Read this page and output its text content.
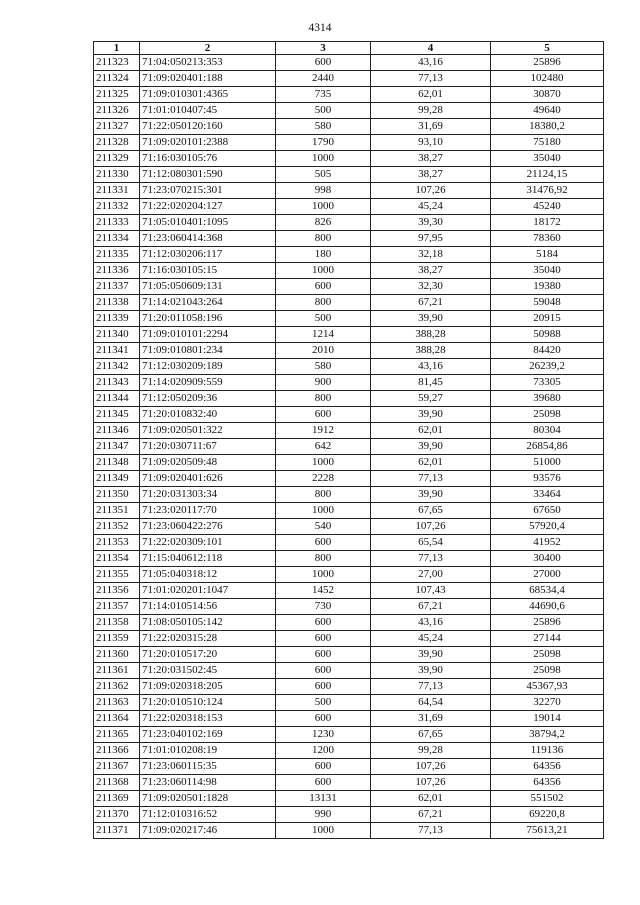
4314
1	2	3	4	5
211323	71:04:050213:353	600	43,16	25896
211324	71:09:020401:188	2440	77,13	102480
211325	71:09:010301:4365	735	62,01	30870
211326	71:01:010407:45	500	99,28	49640
211327	71:22:050120:160	580	31,69	18380,2
211328	71:09:020101:2388	1790	93,10	75180
211329	71:16:030105:76	1000	38,27	35040
211330	71:12:080301:590	505	38,27	21124,15
211331	71:23:070215:301	998	107,26	31476,92
211332	71:22:020204:127	1000	45,24	45240
211333	71:05:010401:1095	826	39,30	18172
211334	71:23:060414:368	800	97,95	78360
211335	71:12:030206:117	180	32,18	5184
211336	71:16:030105:15	1000	38,27	35040
211337	71:05:050609:131	600	32,30	19380
211338	71:14:021043:264	800	67,21	59048
211339	71:20:011058:196	500	39,90	20915
211340	71:09:010101:2294	1214	388,28	50988
211341	71:09:010801:234	2010	388,28	84420
211342	71:12:030209:189	580	43,16	26239,2
211343	71:14:020909:559	900	81,45	73305
211344	71:12:050209:36	800	59,27	39680
211345	71:20:010832:40	600	39,90	25098
211346	71:09:020501:322	1912	62,01	80304
211347	71:20:030711:67	642	39,90	26854,86
211348	71:09:020509:48	1000	62,01	51000
211349	71:09:020401:626	2228	77,13	93576
211350	71:20:031303:34	800	39,90	33464
211351	71:23:020117:70	1000	67,65	67650
211352	71:23:060422:276	540	107,26	57920,4
211353	71:22:020309:101	600	65,54	41952
211354	71:15:040612:118	800	77,13	30400
211355	71:05:040318:12	1000	27,00	27000
211356	71:01:020201:1047	1452	107,43	68534,4
211357	71:14:010514:56	730	67,21	44690,6
211358	71:08:050105:142	600	43,16	25896
211359	71:22:020315:28	600	45,24	27144
211360	71:20:010517:20	600	39,90	25098
211361	71:20:031502:45	600	39,90	25098
211362	71:09:020318:205	600	77,13	45367,93
211363	71:20:010510:124	500	64,54	32270
211364	71:22:020318:153	600	31,69	19014
211365	71:23:040102:169	1230	67,65	38794,2
211366	71:01:010208:19	1200	99,28	119136
211367	71:23:060115:35	600	107,26	64356
211368	71:23:060114:98	600	107,26	64356
211369	71:09:020501:1828	13131	62,01	551502
211370	71:12:010316:52	990	67,21	69220,8
211371	71:09:020217:46	1000	77,13	75613,21
